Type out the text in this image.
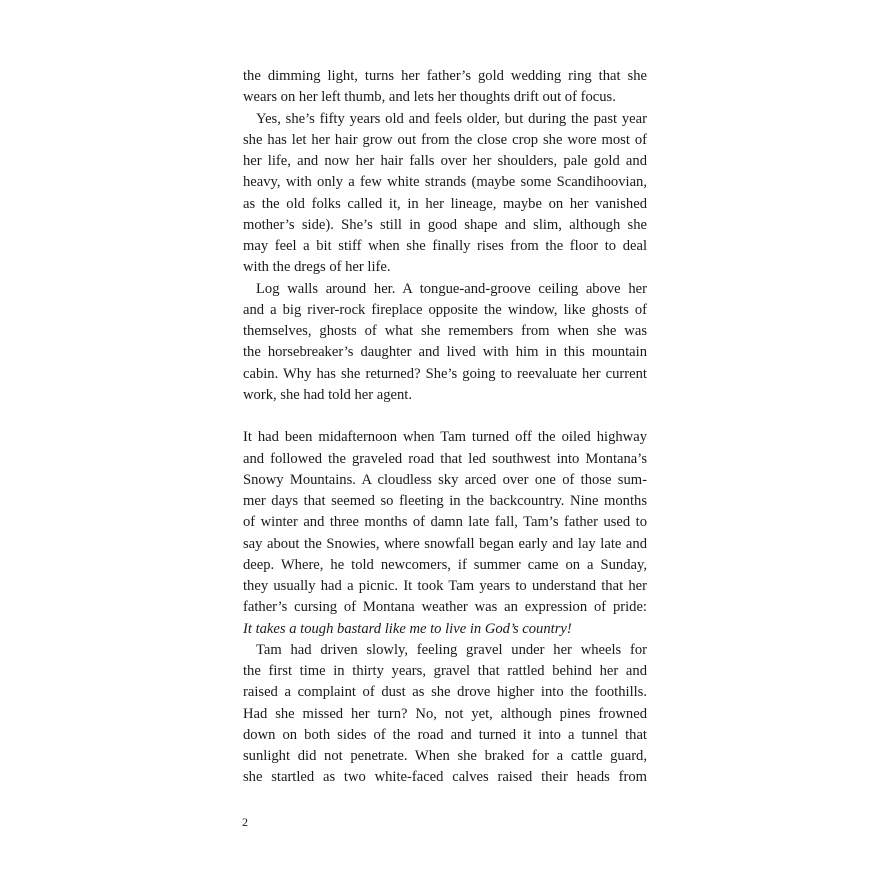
the dimming light, turns her father’s gold wedding ring that she
wears on her left thumb, and lets her thoughts drift out of focus.
Yes, she’s fifty years old and feels older, but during the past year
she has let her hair grow out from the close crop she wore most of
her life, and now her hair falls over her shoulders, pale gold and
heavy, with only a few white strands (maybe some Scandihoovian,
as the old folks called it, in her lineage, maybe on her vanished
mother’s side). She’s still in good shape and slim, although she
may feel a bit stiff when she finally rises from the floor to deal
with the dregs of her life.
Log walls around her. A tongue-and-groove ceiling above her
and a big river-rock fireplace opposite the window, like ghosts of
themselves, ghosts of what she remembers from when she was
the horsebreaker’s daughter and lived with him in this mountain
cabin. Why has she returned? She’s going to reevaluate her current
work, she had told her agent.
It had been midafternoon when Tam turned off the oiled highway
and followed the graveled road that led southwest into Montana’s
Snowy Mountains. A cloudless sky arced over one of those sum-
mer days that seemed so fleeting in the backcountry. Nine months
of winter and three months of damn late fall, Tam’s father used to
say about the Snowies, where snowfall began early and lay late and
deep. Where, he told newcomers, if summer came on a Sunday,
they usually had a picnic. It took Tam years to understand that her
father’s cursing of Montana weather was an expression of pride:
It takes a tough bastard like me to live in God’s country!
Tam had driven slowly, feeling gravel under her wheels for
the first time in thirty years, gravel that rattled behind her and
raised a complaint of dust as she drove higher into the foothills.
Had she missed her turn? No, not yet, although pines frowned
down on both sides of the road and turned it into a tunnel that
sunlight did not penetrate. When she braked for a cattle guard,
she startled as two white-faced calves raised their heads from
2
